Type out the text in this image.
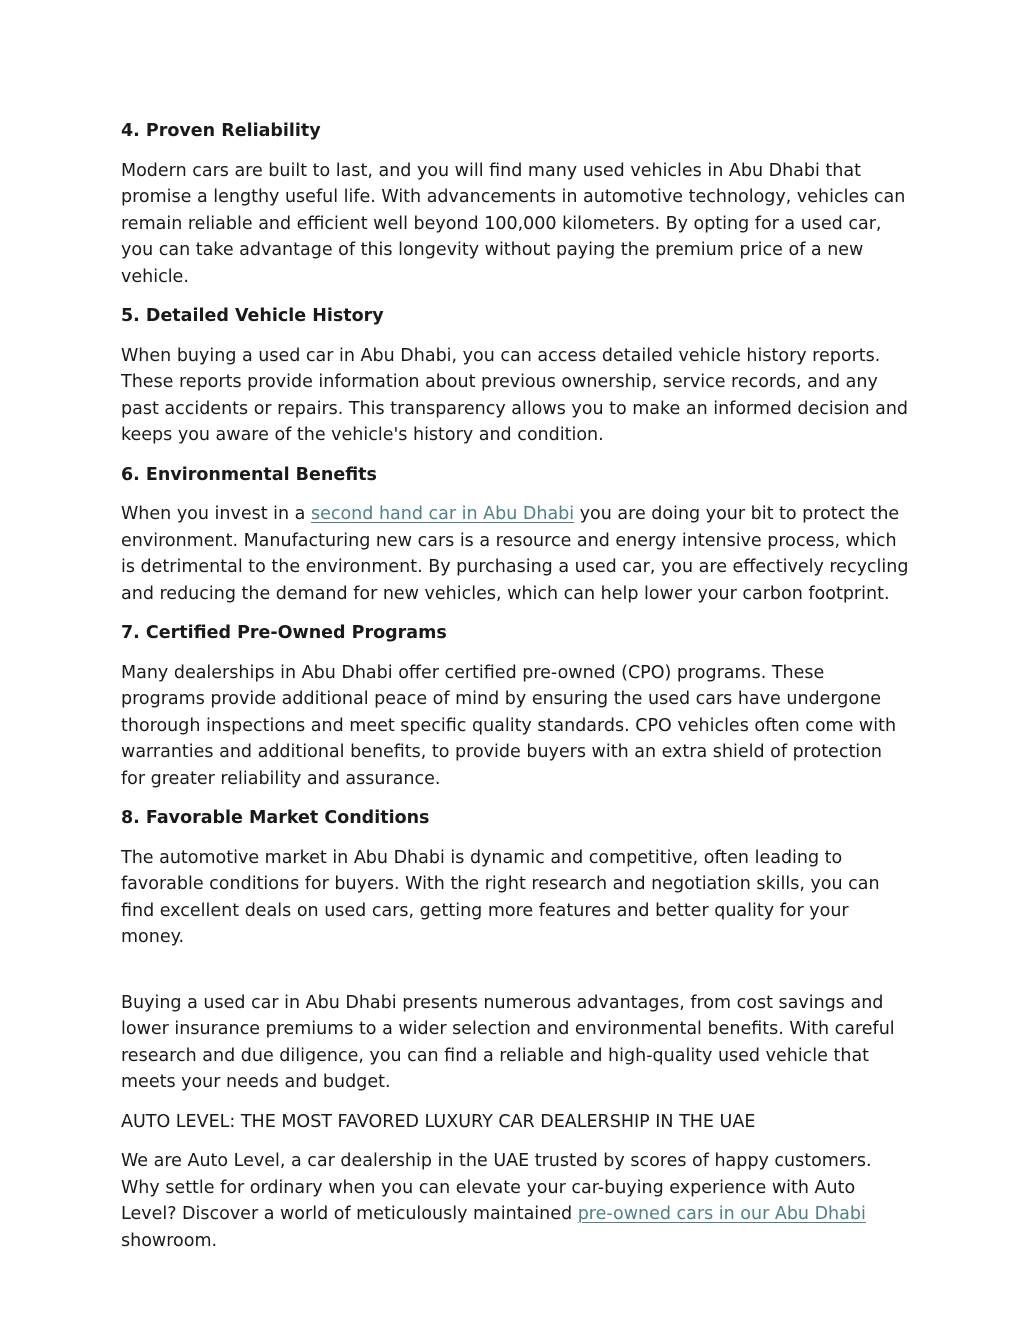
4. Proven Reliability

Modern cars are built to last, and you will find many used vehicles in Abu Dhabi that promise a lengthy useful life. With advancements in automotive technology, vehicles can remain reliable and efficient well beyond 100,000 kilometers. By opting for a used car, you can take advantage of this longevity without paying the premium price of a new vehicle.

5. Detailed Vehicle History

When buying a used car in Abu Dhabi, you can access detailed vehicle history reports. These reports provide information about previous ownership, service records, and any past accidents or repairs. This transparency allows you to make an informed decision and keeps you aware of the vehicle's history and condition.

6. Environmental Benefits

When you invest in a second hand car in Abu Dhabi you are doing your bit to protect the environment. Manufacturing new cars is a resource and energy intensive process, which is detrimental to the environment. By purchasing a used car, you are effectively recycling and reducing the demand for new vehicles, which can help lower your carbon footprint.

7. Certified Pre-Owned Programs

Many dealerships in Abu Dhabi offer certified pre-owned (CPO) programs. These programs provide additional peace of mind by ensuring the used cars have undergone thorough inspections and meet specific quality standards. CPO vehicles often come with warranties and additional benefits, to provide buyers with an extra shield of protection for greater reliability and assurance.

8. Favorable Market Conditions

The automotive market in Abu Dhabi is dynamic and competitive, often leading to favorable conditions for buyers. With the right research and negotiation skills, you can find excellent deals on used cars, getting more features and better quality for your money.

Buying a used car in Abu Dhabi presents numerous advantages, from cost savings and lower insurance premiums to a wider selection and environmental benefits. With careful research and due diligence, you can find a reliable and high-quality used vehicle that meets your needs and budget.

AUTO LEVEL: THE MOST FAVORED LUXURY CAR DEALERSHIP IN THE UAE

We are Auto Level, a car dealership in the UAE trusted by scores of happy customers. Why settle for ordinary when you can elevate your car-buying experience with Auto Level? Discover a world of meticulously maintained pre-owned cars in our Abu Dhabi showroom.
